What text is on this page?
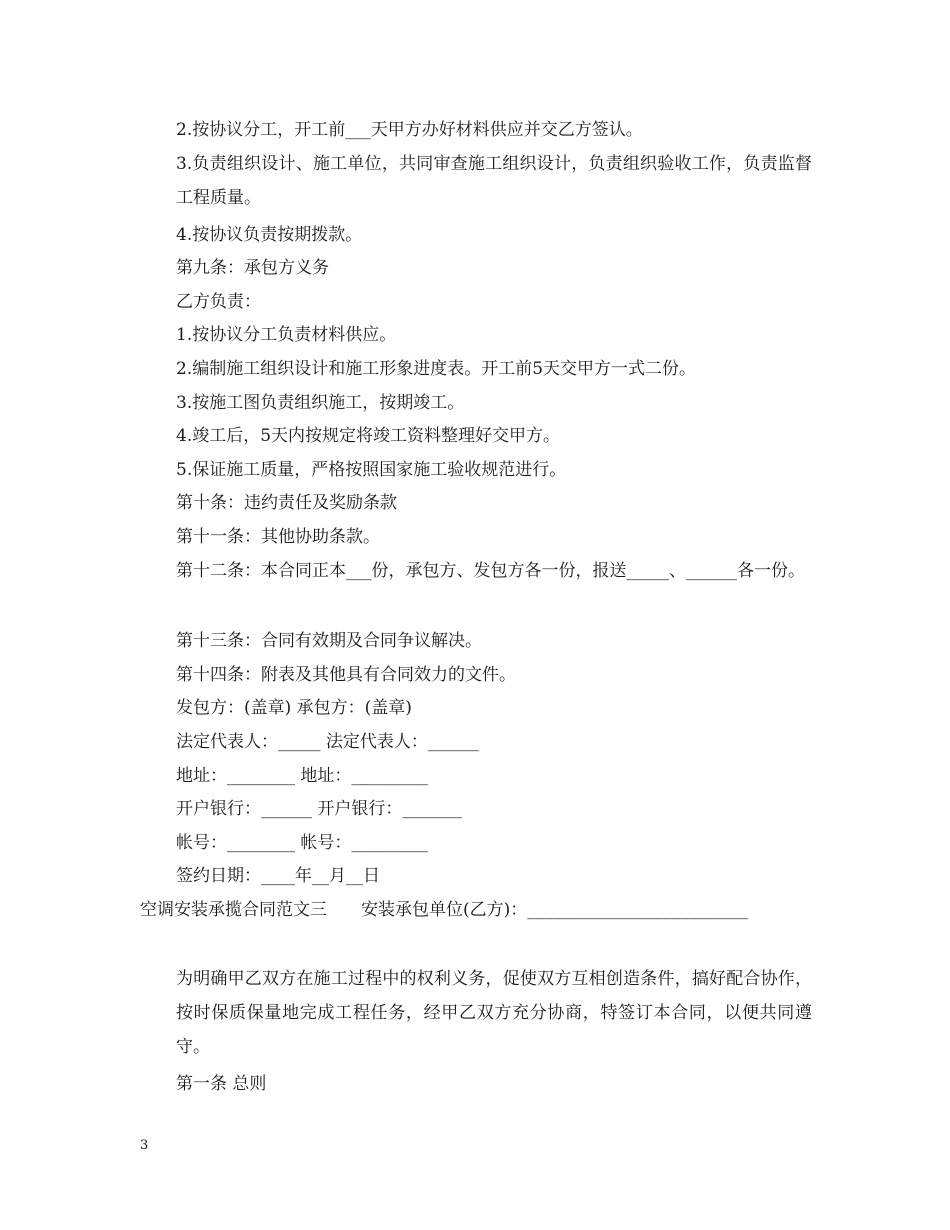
2.按协议分工，开工前___天甲方办好材料供应并交乙方签认。
3.负责组织设计、施工单位，共同审查施工组织设计，负责组织验收工作，负责监督工程质量。
4.按协议负责按期拨款。
第九条：承包方义务
乙方负责：
1.按协议分工负责材料供应。
2.编制施工组织设计和施工形象进度表。开工前5天交甲方一式二份。
3.按施工图负责组织施工，按期竣工。
4.竣工后，5天内按规定将竣工资料整理好交甲方。
5.保证施工质量，严格按照国家施工验收规范进行。
第十条：违约责任及奖励条款
第十一条：其他协助条款。
第十二条：本合同正本___份，承包方、发包方各一份，报送_____、______各一份。
第十三条：合同有效期及合同争议解决。
第十四条：附表及其他具有合同效力的文件。
发包方：(盖章) 承包方：(盖章)
法定代表人：_____ 法定代表人：______
地址：________ 地址：_________
开户银行：______ 开户银行：_______
帐号：________ 帐号：_________
签约日期：____年__月__日
空调安装承揽合同范文三　　安装承包单位(乙方)：__________________________
为明确甲乙双方在施工过程中的权利义务，促使双方互相创造条件，搞好配合协作，按时保质保量地完成工程任务，经甲乙双方充分协商，特签订本合同，以便共同遵守。
第一条 总则
3
